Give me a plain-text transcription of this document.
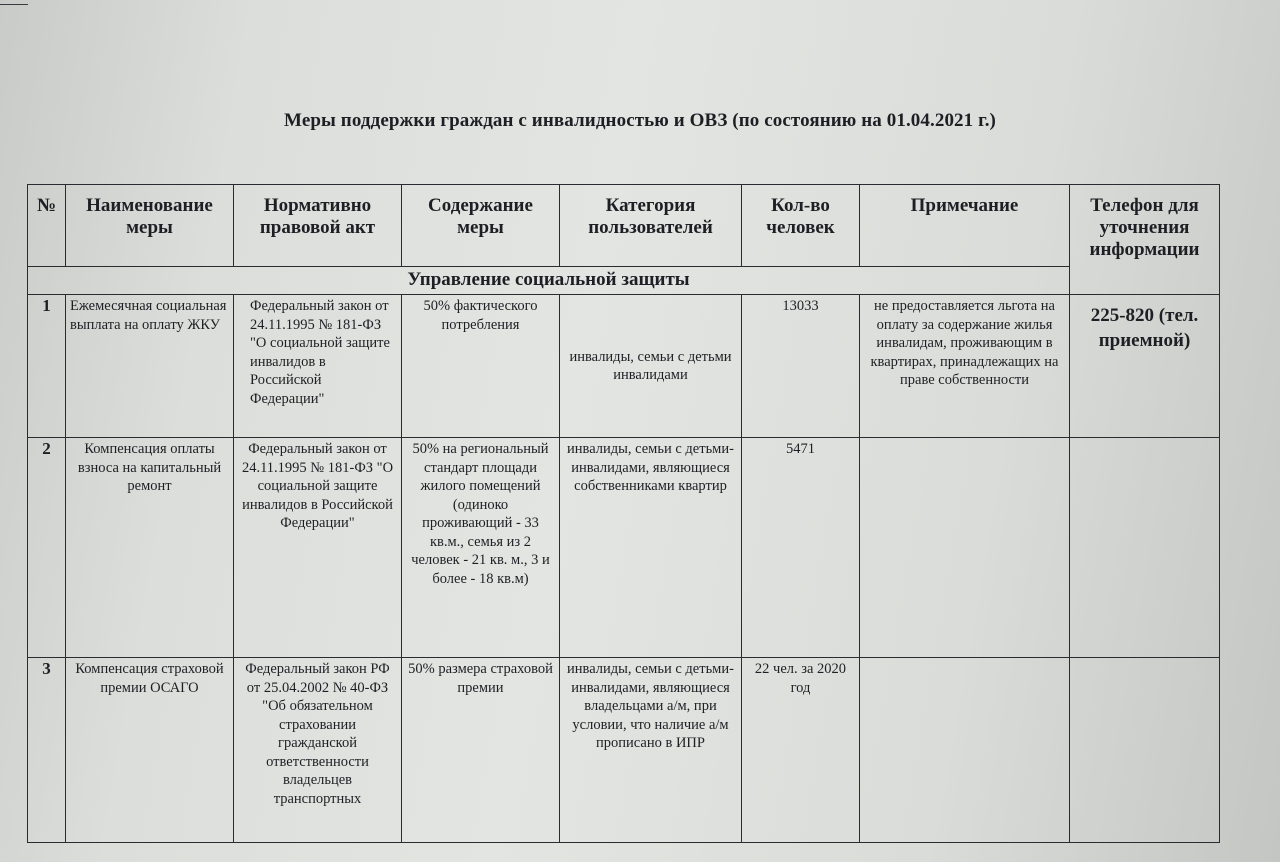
Меры поддержки граждан с инвалидностью и ОВЗ (по состоянию на 01.04.2021 г.)
№	Наименование меры	Нормативно правовой акт	Содержание меры	Категория пользователей	Кол-во человек	Примечание	Телефон для уточнения информации
Управление социальной защиты							
1	Ежемесячная социальная выплата на оплату ЖКУ	Федеральный закон от 24.11.1995 № 181-ФЗ "О социальной защите инвалидов в Российской Федерации"	50% фактического потребления	инвалиды, семьи с детьми инвалидами	13033	не предоставляется льгота на оплату за содержание жилья инвалидам, проживающим в квартирах, принадлежащих на праве собственности	225-820 (тел. приемной)
2	Компенсация оплаты взноса на капитальный ремонт	Федеральный закон от 24.11.1995 № 181-ФЗ "О социальной защите инвалидов в Российской Федерации"	50% на региональный стандарт площади жилого помещений (одиноко проживающий - 33 кв.м., семья из 2 человек - 21 кв. м., 3 и более - 18 кв.м)	инвалиды, семьи с детьми-инвалидами, являющиеся собственниками квартир	5471		
3	Компенсация страховой премии ОСАГО	Федеральный закон РФ от 25.04.2002 № 40-ФЗ "Об обязательном страховании гражданской ответственности владельцев транспортных	50% размера страховой премии	инвалиды, семьи с детьми-инвалидами, являющиеся владельцами а/м, при условии, что наличие а/м прописано в ИПР	22 чел. за 2020 год		
